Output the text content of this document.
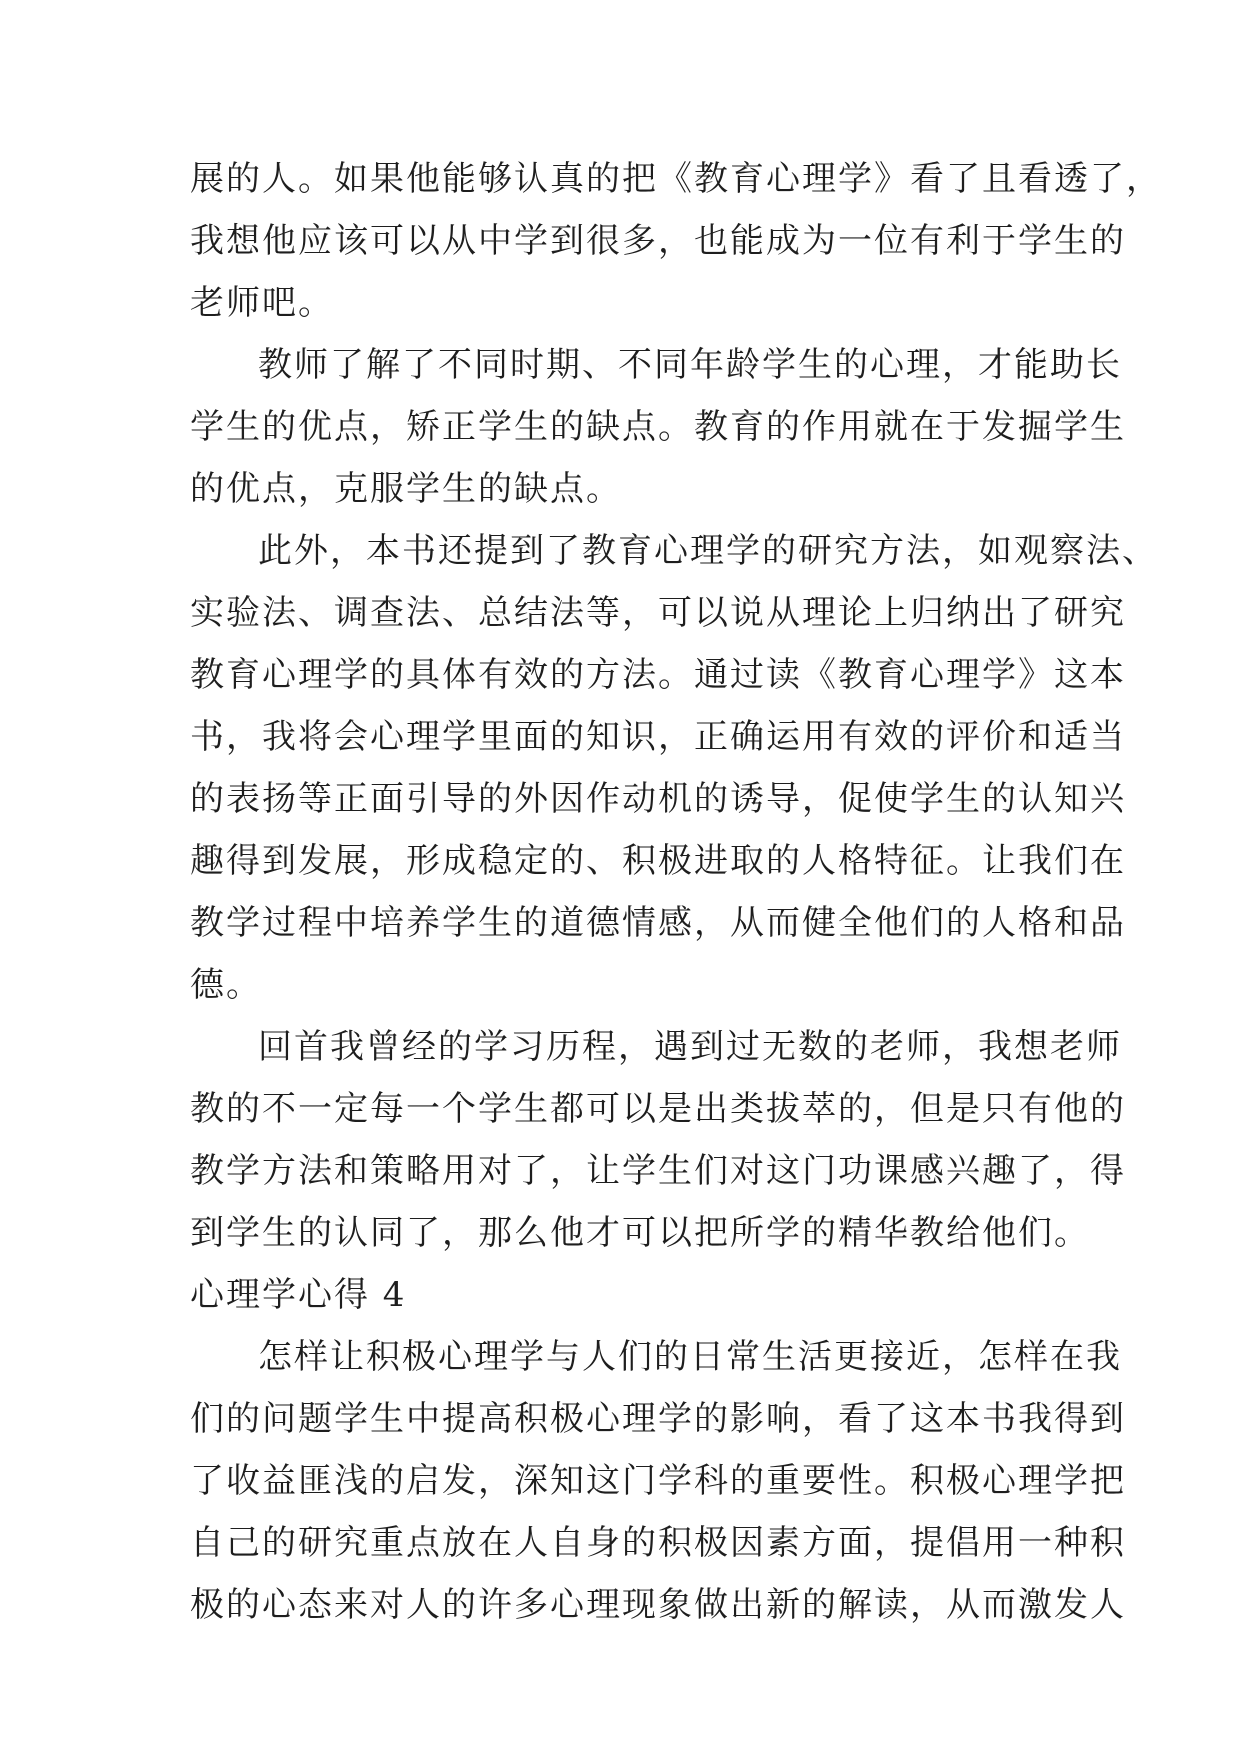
展的人。如果他能够认真的把《教育心理学》看了且看透了，
我想他应该可以从中学到很多，也能成为一位有利于学生的
老师吧。
教师了解了不同时期、不同年龄学生的心理，才能助长
学生的优点，矫正学生的缺点。教育的作用就在于发掘学生
的优点，克服学生的缺点。
此外，本书还提到了教育心理学的研究方法，如观察法、
实验法、调查法、总结法等，可以说从理论上归纳出了研究
教育心理学的具体有效的方法。通过读《教育心理学》这本
书，我将会心理学里面的知识，正确运用有效的评价和适当
的表扬等正面引导的外因作动机的诱导，促使学生的认知兴
趣得到发展，形成稳定的、积极进取的人格特征。让我们在
教学过程中培养学生的道德情感，从而健全他们的人格和品
德。
回首我曾经的学习历程，遇到过无数的老师，我想老师
教的不一定每一个学生都可以是出类拔萃的，但是只有他的
教学方法和策略用对了，让学生们对这门功课感兴趣了，得
到学生的认同了，那么他才可以把所学的精华教给他们。
心理学心得 4
怎样让积极心理学与人们的日常生活更接近，怎样在我
们的问题学生中提高积极心理学的影响，看了这本书我得到
了收益匪浅的启发，深知这门学科的重要性。积极心理学把
自己的研究重点放在人自身的积极因素方面，提倡用一种积
极的心态来对人的许多心理现象做出新的解读，从而激发人
